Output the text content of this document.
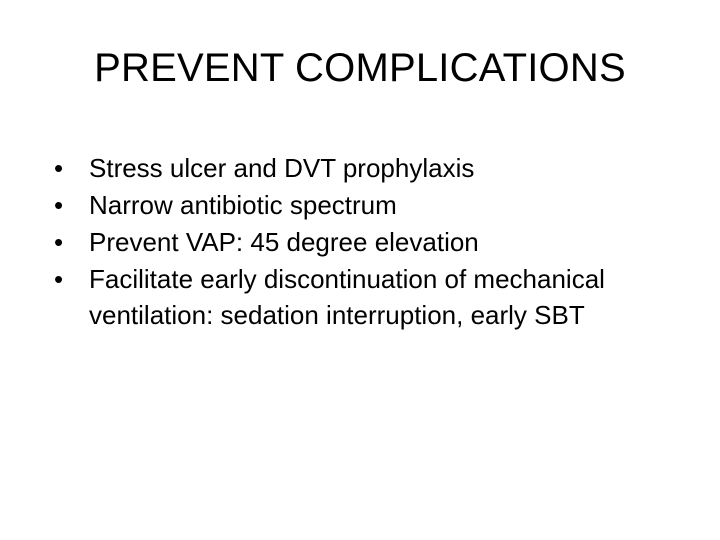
PREVENT COMPLICATIONS
• Stress ulcer and DVT prophylaxis
• Narrow antibiotic spectrum
• Prevent VAP: 45 degree elevation
• Facilitate early discontinuation of mechanical ventilation: sedation interruption, early SBT
